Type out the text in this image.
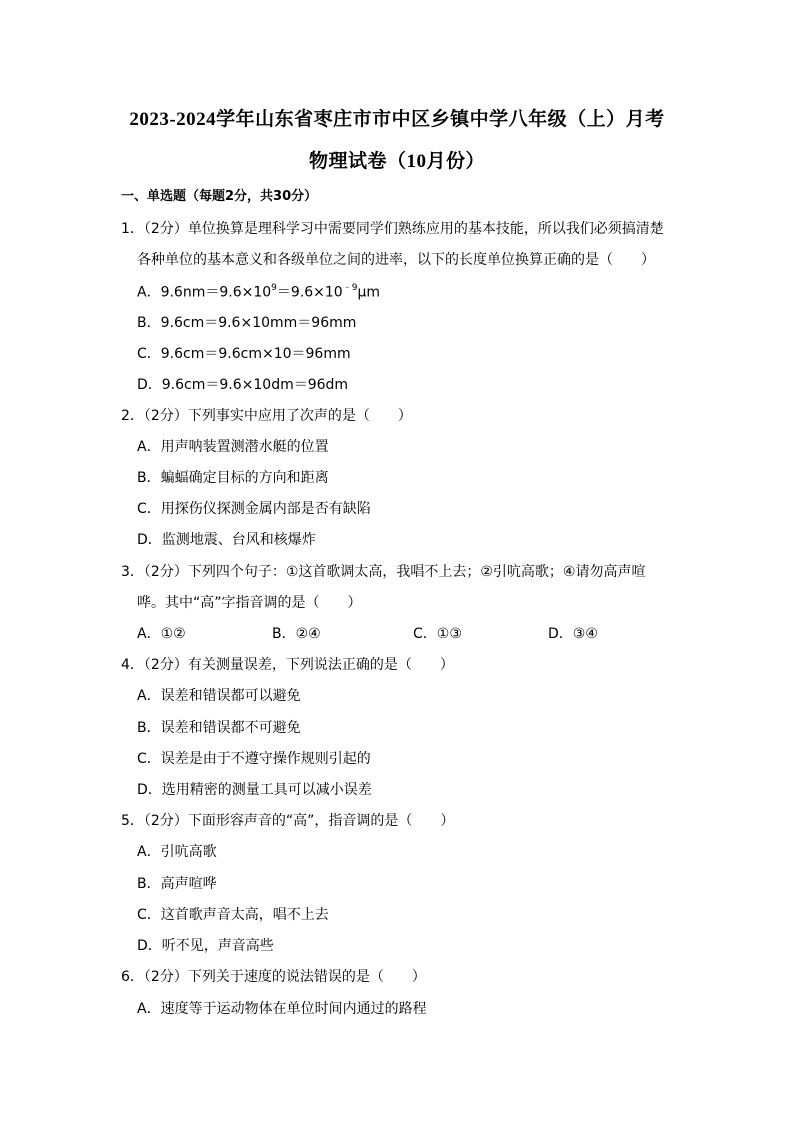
2023-2024学年山东省枣庄市市中区乡镇中学八年级（上）月考
物理试卷（10月份）
一、单选题（每题2分，共30分）
1．（2分）单位换算是理科学习中需要同学们熟练应用的基本技能，所以我们必须搞清楚
各种单位的基本意义和各级单位之间的进率，以下的长度单位换算正确的是（　　）
A．$9.6nm=9.6\times 10^9=9.6\times 10^{﹣9}\mu m$
B．9.6cm＝9.6×10mm＝96mm
C．9.6cm＝9.6cm×10＝96mm
D．9.6cm＝9.6×10dm＝96dm
2．（2分）下列事实中应用了次声的是（　　）
A．用声呐装置测潜水艇的位置
B．蝙蝠确定目标的方向和距离
C．用探伤仪探测金属内部是否有缺陷
D．监测地震、台风和核爆炸
3．（2分）下列四个句子：①这首歌调太高，我唱不上去；②引吭高歌；④请勿高声喧
哗。其中“高”字指音调的是（　　）
A．①②	B．②④	C．①③	D．③④
4．（2分）有关测量误差，下列说法正确的是（　　）
A．误差和错误都可以避免
B．误差和错误都不可避免
C．误差是由于不遵守操作规则引起的
D．选用精密的测量工具可以减小误差
5．（2分）下面形容声音的“高”，指音调的是（　　）
A．引吭高歌
B．高声喧哗
C．这首歌声音太高，唱不上去
D．听不见，声音高些
6．（2分）下列关于速度的说法错误的是（　　）
A．速度等于运动物体在单位时间内通过的路程
